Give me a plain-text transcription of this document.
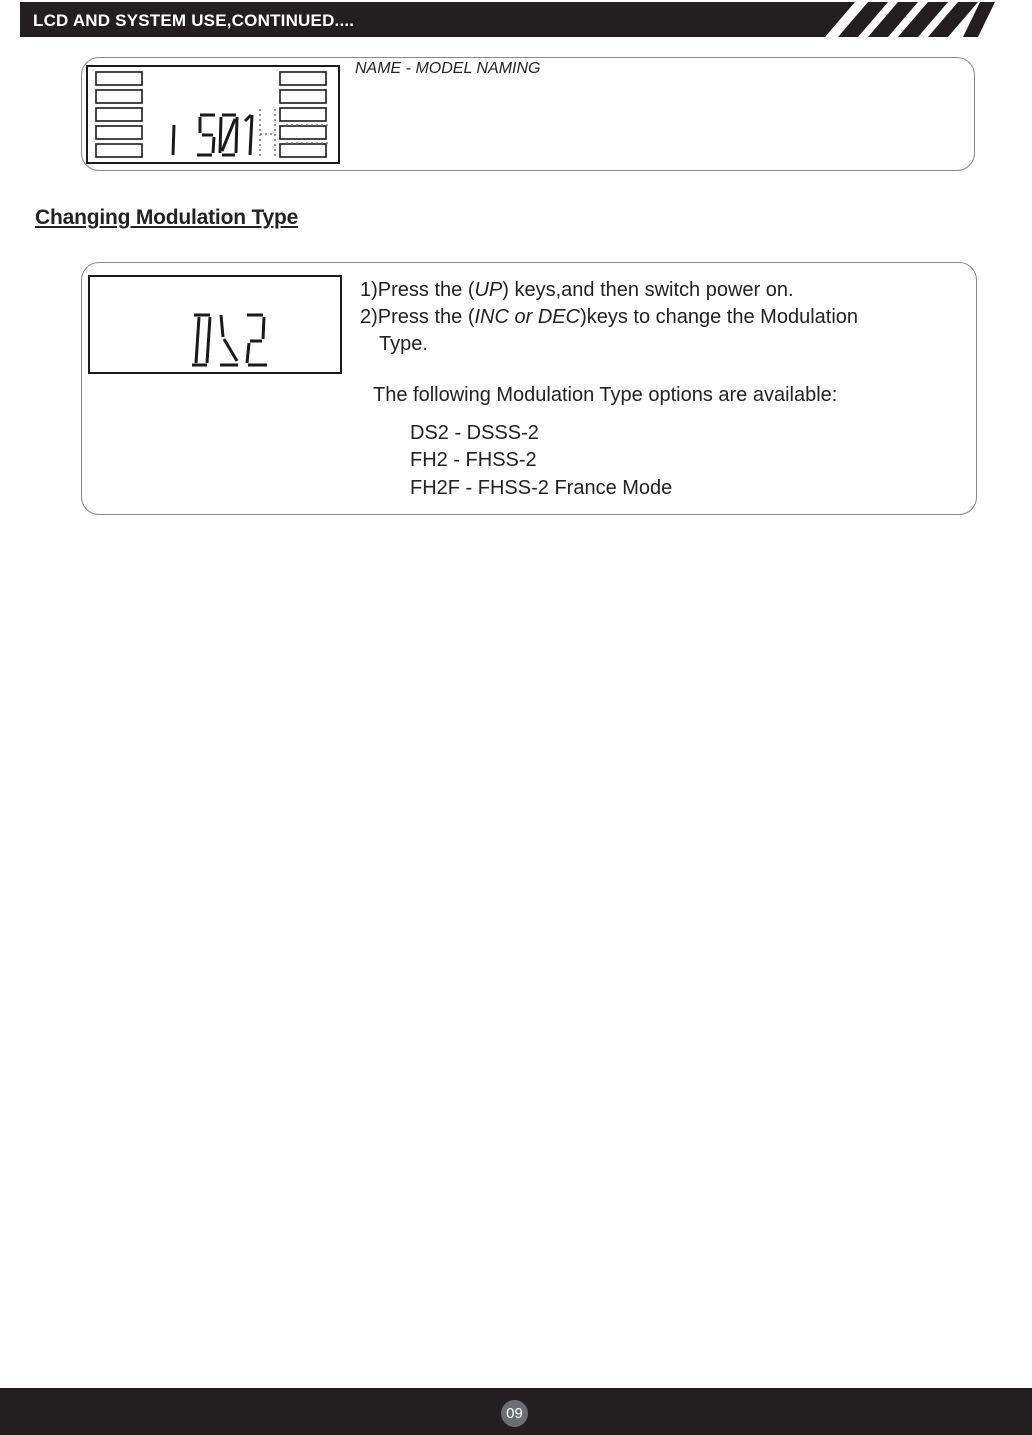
LCD AND SYSTEM USE,CONTINUED....
NAME - MODEL NAMING
Changing Modulation Type
1)Press the (UP) keys,and then switch power on.
2)Press the (INC or DEC)keys to change the Modulation
Type.
The following Modulation Type options are available:
DS2 - DSSS-2
FH2 - FHSS-2
FH2F - FHSS-2 France Mode
09
